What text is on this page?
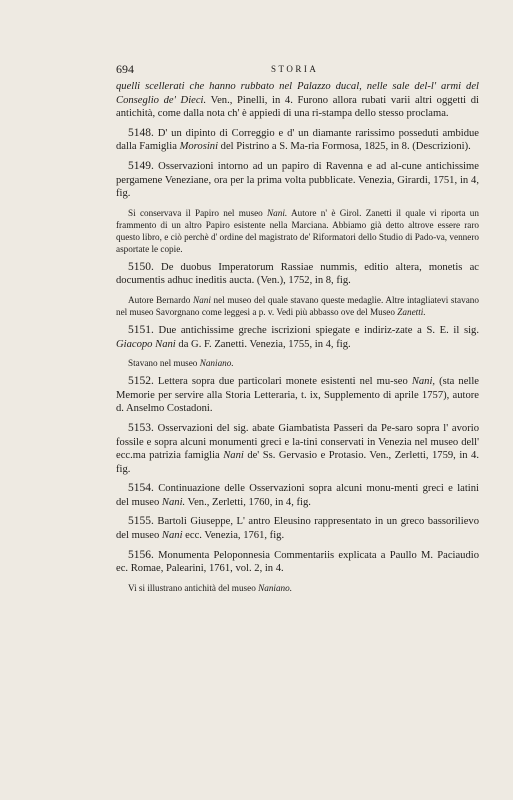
694	STORIA

quelli scellerati che hanno rubbato nel Palazzo ducal, nelle sale del-l' armi del Conseglio de' Dieci. Ven., Pinelli, in 4. Furono allora rubati varii altri oggetti di antichità, come dalla nota ch' è appiedi di una ri-stampa dello stesso proclama.

5148. D' un dipinto di Correggio e d' un diamante rarissimo posseduti ambidue dalla Famiglia Morosini del Pistrino a S. Ma-ria Formosa, 1825, in 8. (Descrizioni).

5149. Osservazioni intorno ad un papiro di Ravenna e ad al-cune antichissime pergamene Veneziane, ora per la prima volta pubblicate. Venezia, Girardi, 1751, in 4, fig.

Si conservava il Papiro nel museo Nani. Autore n' è Girol. Zanetti il quale vi riporta un frammento di un altro Papiro esistente nella Marciana. Abbiamo già detto altrove essere raro questo libro, e ciò perchè d' ordine del magistrato de' Riformatori dello Studio di Pado-va, vennero asportate le copie.

5150. De duobus Imperatorum Rassiae nummis, editio altera, monetis ac documentis adhuc ineditis aucta. (Ven.), 1752, in 8, fig.

Autore Bernardo Nani nel museo del quale stavano queste medaglie. Altre intagliatevi stavano nel museo Savorgnano come leggesi a p. v. Vedi più abbasso ove del Museo Zanetti.

5151. Due antichissime greche iscrizioni spiegate e indiriz-zate a S. E. il sig. Giacopo Nani da G. F. Zanetti. Venezia, 1755, in 4, fig.

Stavano nel museo Naniano.

5152. Lettera sopra due particolari monete esistenti nel mu-seo Nani, (sta nelle Memorie per servire alla Storia Letteraria, t. ix, Supplemento di aprile 1757), autore d. Anselmo Costadoni.

5153. Osservazioni del sig. abate Giambatista Passeri da Pe-saro sopra l' avorio fossile e sopra alcuni monumenti greci e la-tini conservati in Venezia nel museo dell' ecc.ma patrizia famiglia Nani de' Ss. Gervasio e Protasio. Ven., Zerletti, 1759, in 4. fig.

5154. Continuazione delle Osservazioni sopra alcuni monu-menti greci e latini del museo Nani. Ven., Zerletti, 1760, in 4, fig.

5155. Bartoli Giuseppe, L' antro Eleusino rappresentato in un greco bassorilievo del museo Nani ecc. Venezia, 1761, fig.

5156. Monumenta Peloponnesia Commentariis explicata a Paullo M. Paciaudio ec. Romae, Palearini, 1761, vol. 2, in 4.

Vi si illustrano antichità del museo Naniano.
